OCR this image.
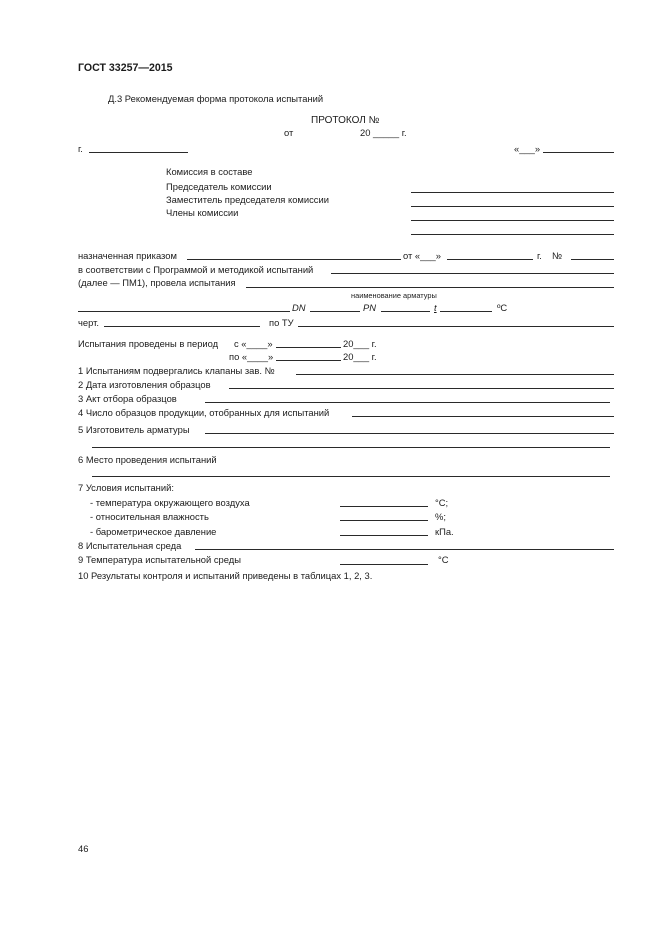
ГОСТ 33257—2015
Д.3 Рекомендуемая форма протокола испытаний
ПРОТОКОЛ №
от	20 _____ г.
г.	«___»
Комиссия в составе
Председатель комиссии
Заместитель председателя комиссии
Члены комиссии
назначенная приказом	от «___»	г. №
в соответствии с Программой и методикой испытаний
(далее — ПМ1), провела испытания
наименование арматуры
DN	PN	t	ºС
черт.	по ТУ
Испытания проведены в период с «____»	20___ г.
по «____»	20___ г.
1 Испытаниям подвергались клапаны зав. №
2 Дата изготовления образцов
3 Акт отбора образцов
4 Число образцов продукции, отобранных для испытаний
5 Изготовитель арматуры
6 Место проведения испытаний
7 Условия испытаний:
- температура окружающего воздуха	°С;
- относительная влажность	%;
- барометрическое давление	кПа.
8 Испытательная среда
9 Температура испытательной среды	°С
10 Результаты контроля и испытаний приведены в таблицах 1, 2, 3.
46
